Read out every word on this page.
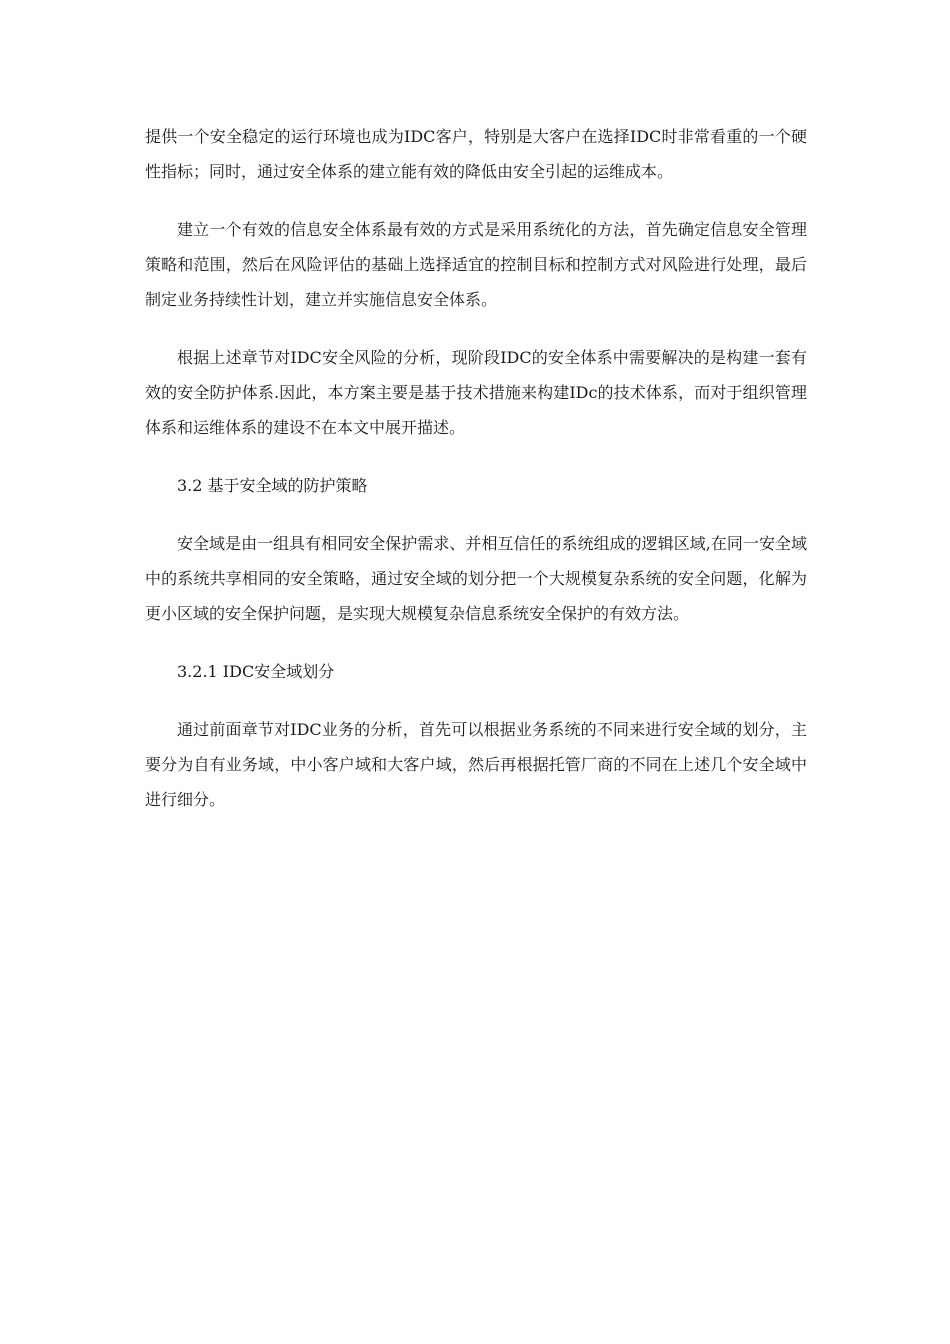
提供一个安全稳定的运行环境也成为IDC客户，特别是大客户在选择IDC时非常看重的一个硬性指标；同时，通过安全体系的建立能有效的降低由安全引起的运维成本。

建立一个有效的信息安全体系最有效的方式是采用系统化的方法，首先确定信息安全管理策略和范围，然后在风险评估的基础上选择适宜的控制目标和控制方式对风险进行处理，最后制定业务持续性计划，建立并实施信息安全体系。

根据上述章节对IDC安全风险的分析，现阶段IDC的安全体系中需要解决的是构建一套有效的安全防护体系.因此，本方案主要是基于技术措施来构建IDc的技术体系，而对于组织管理体系和运维体系的建设不在本文中展开描述。

3.2 基于安全域的防护策略

安全域是由一组具有相同安全保护需求、并相互信任的系统组成的逻辑区域,在同一安全域中的系统共享相同的安全策略，通过安全域的划分把一个大规模复杂系统的安全问题，化解为更小区域的安全保护问题，是实现大规模复杂信息系统安全保护的有效方法。

3.2.1 IDC安全域划分

通过前面章节对IDC业务的分析，首先可以根据业务系统的不同来进行安全域的划分，主要分为自有业务域，中小客户域和大客户域，然后再根据托管厂商的不同在上述几个安全域中进行细分。
